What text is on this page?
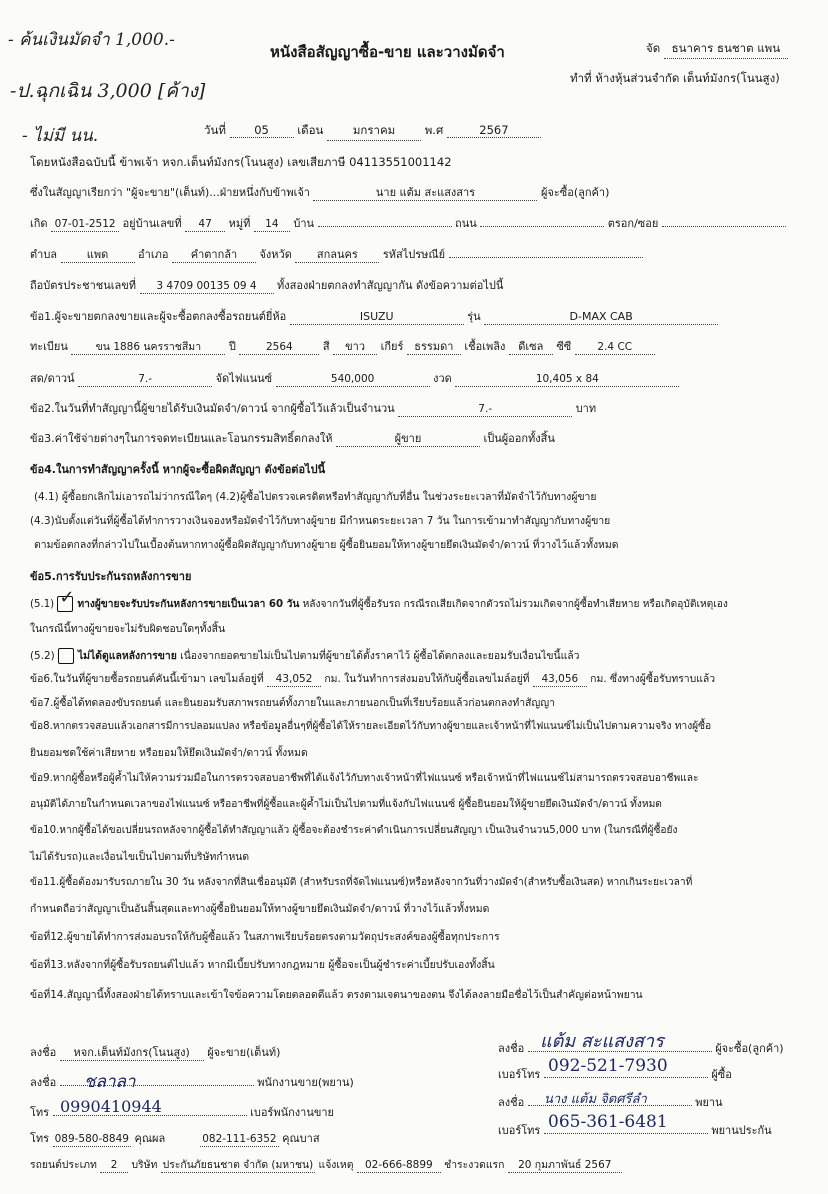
- ค้นเงินมัดจำ 1,000.-
-ป.ฉุกเฉิน 3,000 [ค้าง]
- ไม่มี นน.
หนังสือสัญญาซื้อ-ขาย และวางมัดจำ	จัด ธนาคาร ธนชาต แพน
ทำที่ ห้างหุ้นส่วนจำกัด เต็นท์มังกร(โนนสูง)
วันที่ 05 เดือน	มกราคม	พ.ศ	2567
โดยหนังสือฉบับนี้ ข้าพเจ้า หจก.เต็นท์มังกร(โนนสูง) เลขเสียภาษี 04113551001142
ซึ่งในสัญญาเรียกว่า "ผู้จะขาย"(เต็นท์)...ฝ่ายหนึ่งกับข้าพเจ้า	นาย แต้ม สะแสงสาร	ผู้จะซื้อ(ลูกค้า)
เกิด 07-01-2512 อยู่บ้านเลขที่ 47 หมู่ที่ 14 บ้าน	ถนน	ตรอก/ซอย
ตำบล	แพด	อำเภอ คำตากล้า จังหวัด สกลนคร รหัสไปรษณีย์
ถือบัตรประชาชนเลขที่ 3 4709 00135 09 4 ทั้งสองฝ่ายตกลงทำสัญญากัน ดังข้อความต่อไปนี้
ข้อ1.ผู้จะขายตกลงขายและผู้จะซื้อตกลงซื้อรถยนต์ยี่ห้อ	ISUZU	รุ่น	D-MAX CAB
ทะเบียน	ขน 1886 นครราชสีมา	ปี	2564	สี ขาว เกียร์ ธรรมดา เชื้อเพลิง ดีเซล ซีซี 2.4 CC
สด/ดาวน์	7.-	จัดไฟแนนซ์	540,000	งวด	10,405 x 84
ข้อ2.ในวันที่ทำสัญญานี้ผู้ขายได้รับเงินมัดจำ/ดาวน์ จากผู้ซื้อไว้แล้วเป็นจำนวน	7.-	บาท
ข้อ3.ค่าใช้จ่ายต่างๆในการจดทะเบียนและโอนกรรมสิทธิ์ตกลงให้	ผู้ขาย	เป็นผู้ออกทั้งสิ้น
ข้อ4.ในการทำสัญญาครั้งนี้ หากผู้จะซื้อผิดสัญญา ดังข้อต่อไปนี้
(4.1) ผู้ซื้อยกเลิกไม่เอารถไม่ว่ากรณีใดๆ (4.2)ผู้ซื้อไปตรวจเครดิตหรือทำสัญญากับที่อื่น ในช่วงระยะเวลาที่มัดจำไว้กับทางผู้ขาย
(4.3)นับตั้งแต่วันที่ผู้ซื้อได้ทำการวางเงินจองหรือมัดจำไว้กับทางผู้ขาย มีกำหนดระยะเวลา 7 วัน ในการเข้ามาทำสัญญากับทางผู้ขาย
ตามข้อตกลงที่กล่าวไปในเบื้องต้นหากทางผู้ซื้อผิดสัญญากับทางผู้ขาย ผู้ซื้อยินยอมให้ทางผู้ขายยึดเงินมัดจำ/ดาวน์ ที่วางไว้แล้วทั้งหมด
ข้อ5.การรับประกันรถหลังการขาย
(5.1) ✓ ทางผู้ขายจะรับประกันหลังการขายเป็นเวลา 60 วัน หลังจากวันที่ผู้ซื้อรับรถ กรณีรถเสียเกิดจากตัวรถไม่รวมเกิดจากผู้ซื้อทำเสียหาย หรือเกิดอุบัติเหตุเอง
ในกรณีนี้ทางผู้ขายจะไม่รับผิดชอบใดๆทั้งสิ้น
(5.2) ไม่ได้ดูแลหลังการขาย เนื่องจากยอดขายไม่เป็นไปตามที่ผู้ขายได้ตั้งราคาไว้ ผู้ซื้อได้ตกลงและยอมรับเงื่อนไขนี้แล้ว
ข้อ6.ในวันที่ผู้ขายซื้อรถยนต์คันนี้เข้ามา เลขไมล์อยู่ที่ 43,052 กม. ในวันทำการส่งมอบให้กับผู้ซื้อเลขไมล์อยู่ที่ 43,056 กม. ซึ่งทางผู้ซื้อรับทราบแล้ว
ข้อ7.ผู้ซื้อได้ทดลองขับรถยนต์ และยินยอมรับสภาพรถยนต์ทั้งภายในและภายนอกเป็นที่เรียบร้อยแล้วก่อนตกลงทำสัญญา
ข้อ8.หากตรวจสอบแล้วเอกสารมีการปลอมแปลง หรือข้อมูลอื่นๆที่ผู้ซื้อได้ให้รายละเอียดไว้กับทางผู้ขายและเจ้าหน้าที่ไฟแนนซ์ไม่เป็นไปตามความจริง ทางผู้ซื้อ
ยินยอมชดใช้ค่าเสียหาย หรือยอมให้ยึดเงินมัดจำ/ดาวน์ ทั้งหมด
ข้อ9.หากผู้ซื้อหรือผู้ค้ำไม่ให้ความร่วมมือในการตรวจสอบอาชีพที่ได้แจ้งไว้กับทางเจ้าหน้าที่ไฟแนนซ์ หรือเจ้าหน้าที่ไฟแนนซ์ไม่สามารถตรวจสอบอาชีพและ
อนุมัติได้ภายในกำหนดเวลาของไฟแนนซ์ หรืออาชีพที่ผู้ซื้อและผู้ค้ำไม่เป็นไปตามที่แจ้งกับไฟแนนซ์ ผู้ซื้อยินยอมให้ผู้ขายยึดเงินมัดจำ/ดาวน์ ทั้งหมด
ข้อ10.หากผู้ซื้อได้ขอเปลี่ยนรถหลังจากผู้ซื้อได้ทำสัญญาแล้ว ผู้ซื้อจะต้องชำระค่าดำเนินการเปลี่ยนสัญญา เป็นเงินจำนวน5,000 บาท (ในกรณีที่ผู้ซื้อยัง
ไม่ได้รับรถ)และเงื่อนไขเป็นไปตามที่บริษัทกำหนด
ข้อ11.ผู้ซื้อต้องมารับรถภายใน 30 วัน หลังจากที่สินเชื่ออนุมัติ (สำหรับรถที่จัดไฟแนนซ์)หรือหลังจากวันที่วางมัดจำ(สำหรับซื้อเงินสด) หากเกินระยะเวลาที่
กำหนดถือว่าสัญญาเป็นอันสิ้นสุดและทางผู้ซื้อยินยอมให้ทางผู้ขายยึดเงินมัดจำ/ดาวน์ ที่วางไว้แล้วทั้งหมด
ข้อที่12.ผู้ขายได้ทำการส่งมอบรถให้กับผู้ซื้อแล้ว ในสภาพเรียบร้อยตรงตามวัตถุประสงค์ของผู้ซื้อทุกประการ
ข้อที่13.หลังจากที่ผู้ซื้อรับรถยนต์ไปแล้ว หากมีเบี้ยปรับทางกฎหมาย ผู้ซื้อจะเป็นผู้ชำระค่าเบี้ยปรับเองทั้งสิ้น
ข้อที่14.สัญญานี้ทั้งสองฝ่ายได้ทราบและเข้าใจข้อความโดยตลอดดีแล้ว ตรงตามเจตนาของตน จึงได้ลงลายมือชื่อไว้เป็นสำคัญต่อหน้าพยาน
ลงชื่อ หจก.เต็นท์มังกร(โนนสูง) ผู้จะขาย(เต็นท์)
ลงชื่อ	พนักงานขาย(พยาน)
ชลาลา
โทร	เบอร์พนักงานขาย
0990410944
โทร 089-580-8849 คุณผล	082-111-6352 คุณบาส
ลงชื่อ	ผู้จะซื้อ(ลูกค้า)
แต้ม สะแสงสาร
เบอร์โทร	ผู้ซื้อ
092-521-7930
ลงชื่อ	พยาน
นาง แต้ม จิตศรีลำ
เบอร์โทร	พยานประกัน
065-361-6481
รถยนต์ประเภท 2 บริษัท ประกันภัยธนชาต จำกัด (มหาชน) แจ้งเหตุ 02-666-8899 ชำระงวดแรก 20 กุมภาพันธ์ 2567
